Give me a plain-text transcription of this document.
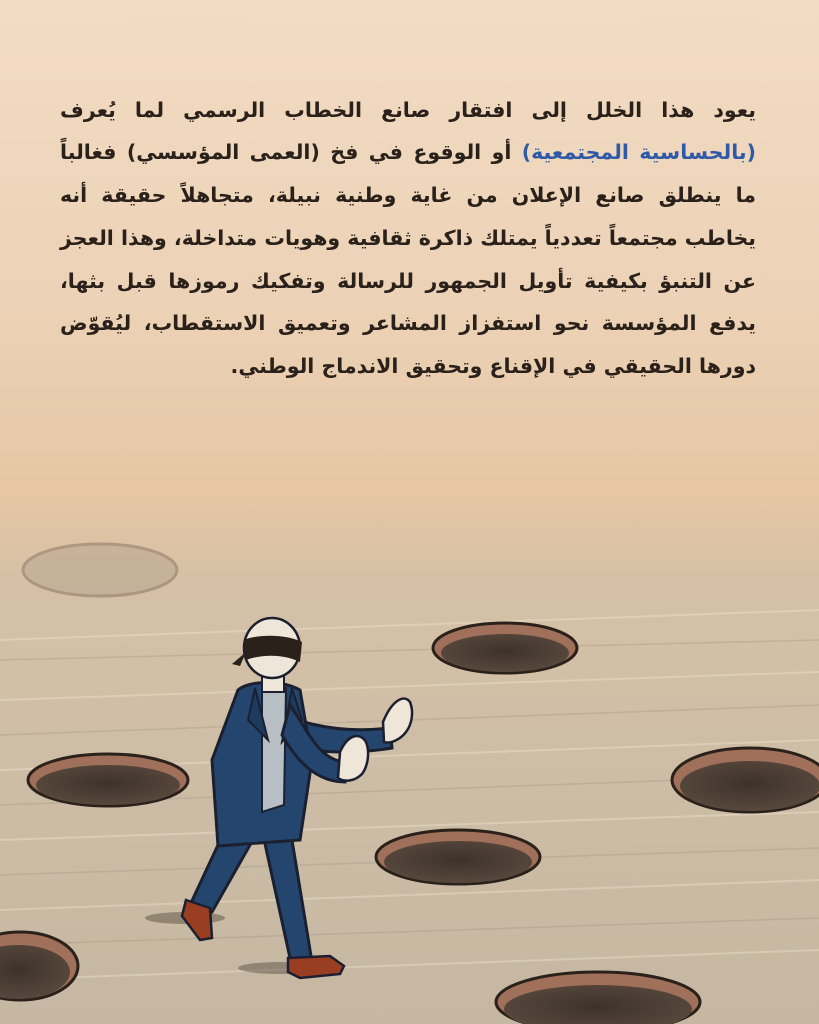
يعود هذا الخلل إلى افتقار صانع الخطاب الرسمي لما يُعرف (بالحساسية المجتمعية) أو الوقوع في فخ (العمى المؤسسي) فغالباً ما ينطلق صانع الإعلان من غاية وطنية نبيلة، متجاهلاً حقيقة أنه يخاطب مجتمعاً تعددياً يمتلك ذاكرة ثقافية وهويات متداخلة، وهذا العجز عن التنبؤ بكيفية تأويل الجمهور للرسالة وتفكيك رموزها قبل بثها، يدفع المؤسسة نحو استفزاز المشاعر وتعميق الاستقطاب، ليُقوّض دورها الحقيقي في الإقناع وتحقيق الاندماج الوطني.
